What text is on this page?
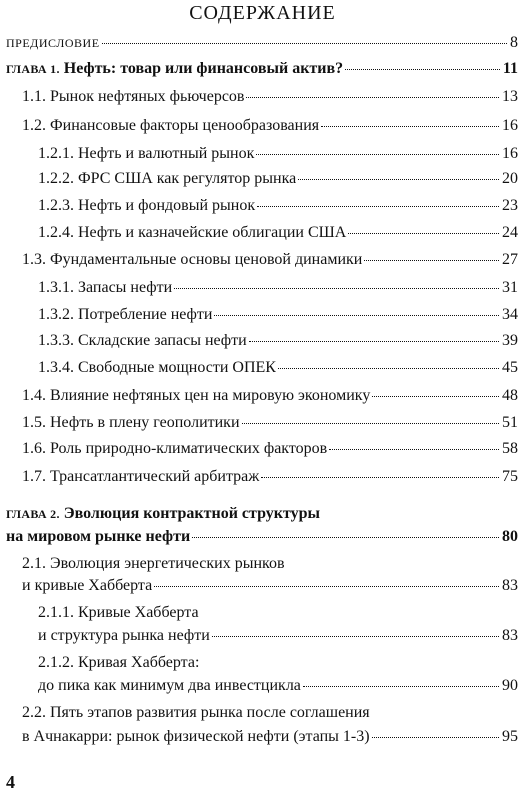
СОДЕРЖАНИЕ
ПРЕДИСЛОВИЕ	8
ГЛАВА 1. Нефть: товар или финансовый актив?	11
1.1. Рынок нефтяных фьючерсов	13
1.2. Финансовые факторы ценообразования	16
1.2.1. Нефть и валютный рынок	16
1.2.2. ФРС США как регулятор рынка	20
1.2.3. Нефть и фондовый рынок	23
1.2.4. Нефть и казначейские облигации США	24
1.3. Фундаментальные основы ценовой динамики	27
1.3.1. Запасы нефти	31
1.3.2. Потребление нефти	34
1.3.3. Складские запасы нефти	39
1.3.4. Свободные мощности ОПЕК	45
1.4. Влияние нефтяных цен на мировую экономику	48
1.5. Нефть в плену геополитики	51
1.6. Роль природно-климатических факторов	58
1.7. Трансатлантический арбитраж	75
ГЛАВА 2. Эволюция контрактной структуры
на мировом рынке нефти	80
2.1. Эволюция энергетических рынков
и кривые Хабберта	83
2.1.1. Кривые Хабберта
и структура рынка нефти	83
2.1.2. Кривая Хабберта:
до пика как минимум два инвестцикла	90
2.2. Пять этапов развития рынка после соглашения
в Ачнакарри: рынок физической нефти (этапы 1-3)	95
4
